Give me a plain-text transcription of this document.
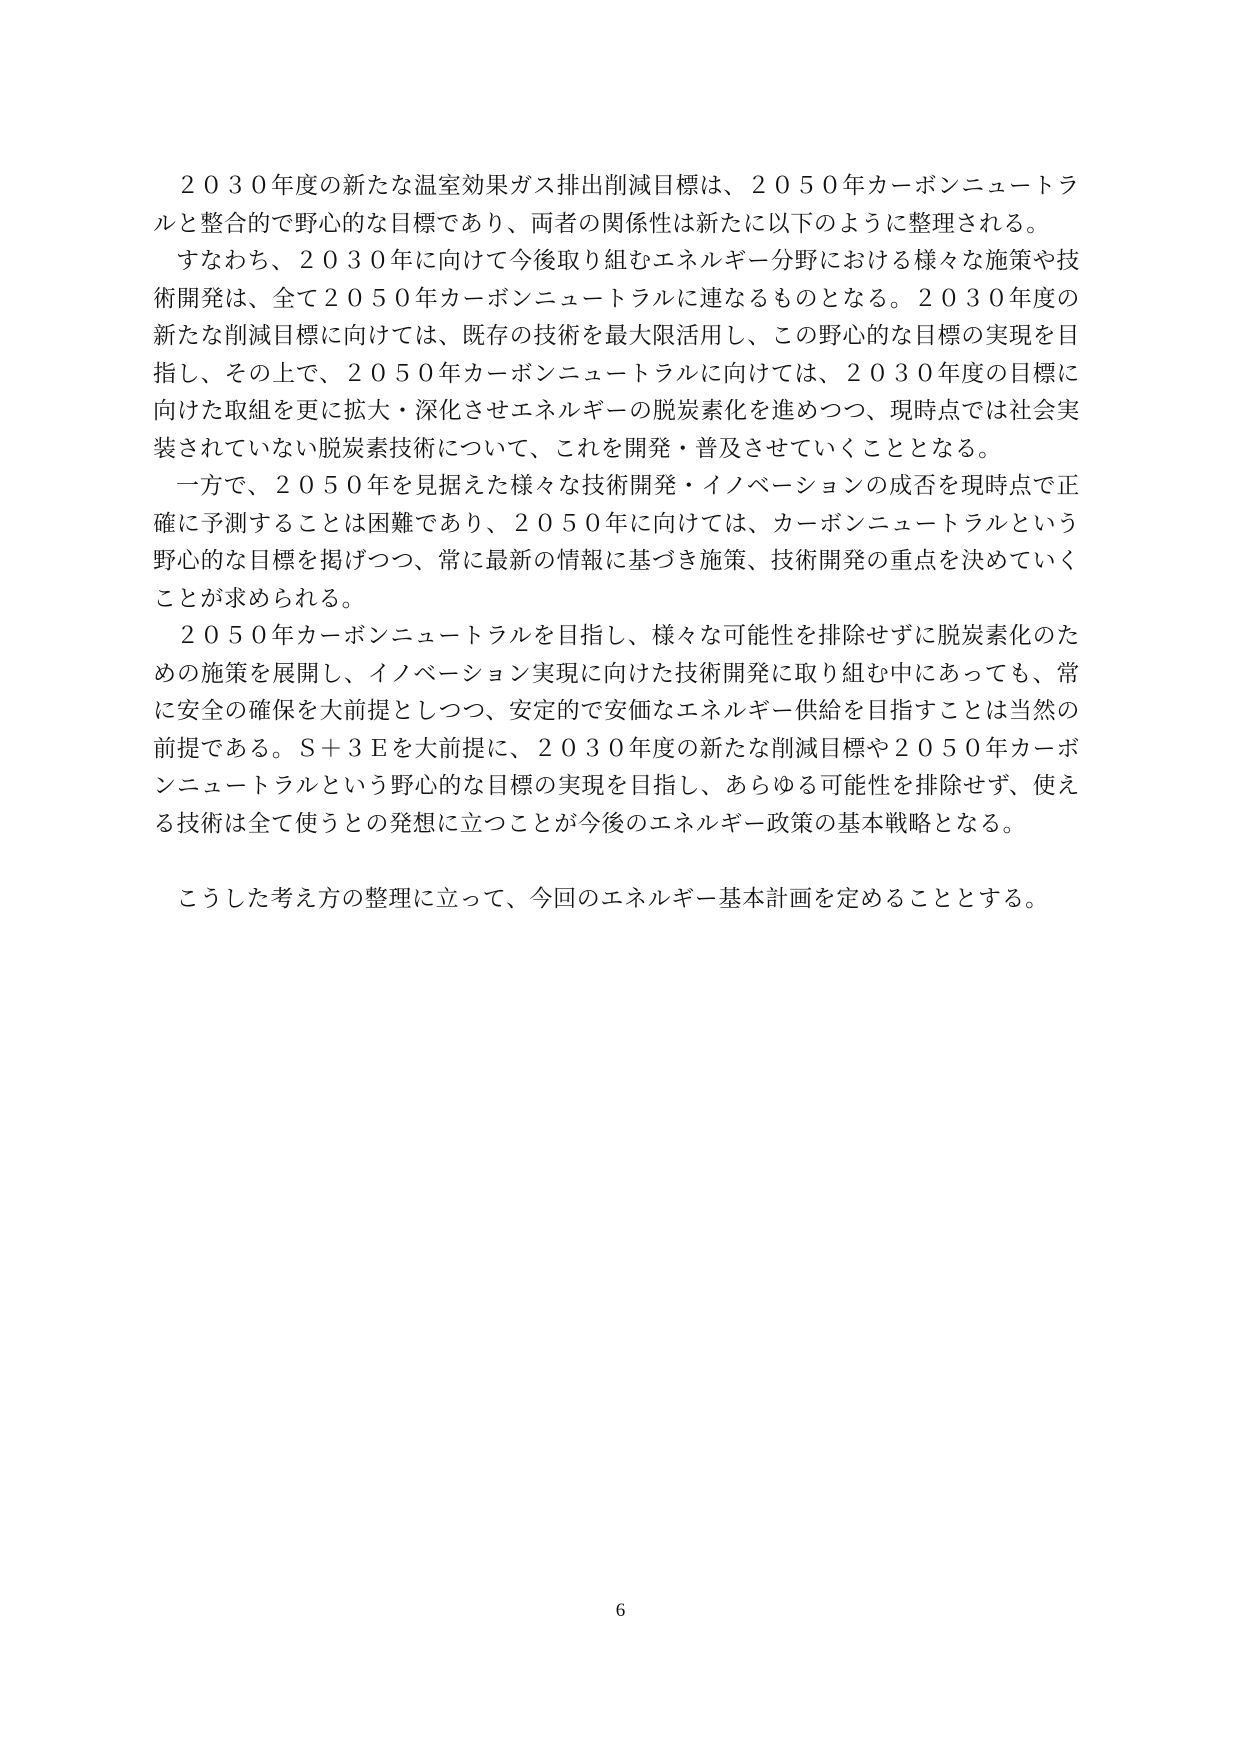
２０３０年度の新たな温室効果ガス排出削減目標は、２０５０年カーボンニュートラルと整合的で野心的な目標であり、両者の関係性は新たに以下のように整理される。

すなわち、２０３０年に向けて今後取り組むエネルギー分野における様々な施策や技術開発は、全て２０５０年カーボンニュートラルに連なるものとなる。２０３０年度の新たな削減目標に向けては、既存の技術を最大限活用し、この野心的な目標の実現を目指し、その上で、２０５０年カーボンニュートラルに向けては、２０３０年度の目標に向けた取組を更に拡大・深化させエネルギーの脱炭素化を進めつつ、現時点では社会実装されていない脱炭素技術について、これを開発・普及させていくこととなる。

一方で、２０５０年を見据えた様々な技術開発・イノベーションの成否を現時点で正確に予測することは困難であり、２０５０年に向けては、カーボンニュートラルという野心的な目標を掲げつつ、常に最新の情報に基づき施策、技術開発の重点を決めていくことが求められる。

２０５０年カーボンニュートラルを目指し、様々な可能性を排除せずに脱炭素化のための施策を展開し、イノベーション実現に向けた技術開発に取り組む中にあっても、常に安全の確保を大前提としつつ、安定的で安価なエネルギー供給を目指すことは当然の前提である。Ｓ＋３Ｅを大前提に、２０３０年度の新たな削減目標や２０５０年カーボンニュートラルという野心的な目標の実現を目指し、あらゆる可能性を排除せず、使える技術は全て使うとの発想に立つことが今後のエネルギー政策の基本戦略となる。

こうした考え方の整理に立って、今回のエネルギー基本計画を定めることとする。

6
